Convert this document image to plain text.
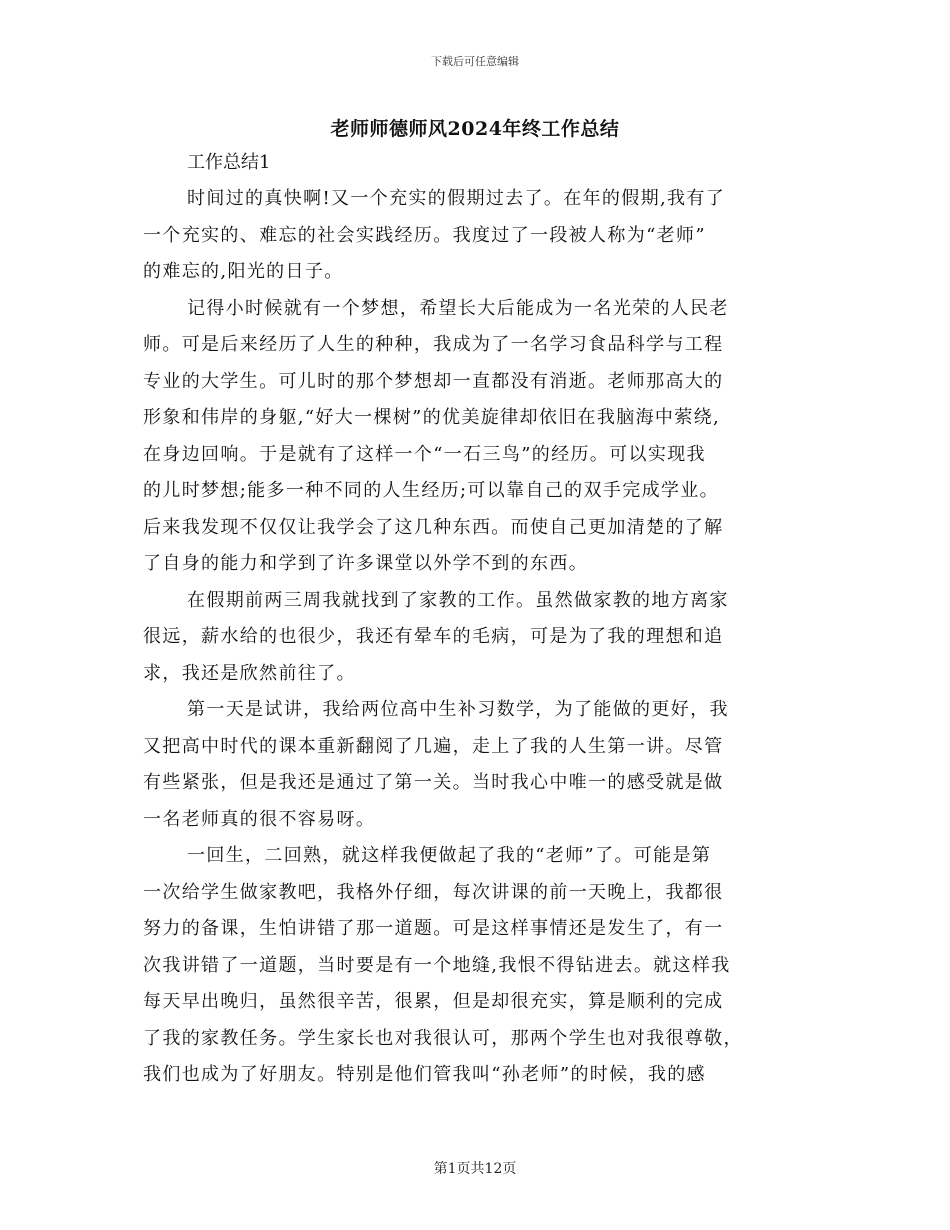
下载后可任意编辑
老师师德师风2024年终工作总结
工作总结1
时间过的真快啊!又一个充实的假期过去了。在年的假期,我有了
一个充实的、难忘的社会实践经历。我度过了一段被人称为“老师”
的难忘的,阳光的日子。
记得小时候就有一个梦想，希望长大后能成为一名光荣的人民老
师。可是后来经历了人生的种种，我成为了一名学习食品科学与工程
专业的大学生。可儿时的那个梦想却一直都没有消逝。老师那高大的
形象和伟岸的身躯,“好大一棵树”的优美旋律却依旧在我脑海中萦绕,
在身边回响。于是就有了这样一个“一石三鸟”的经历。可以实现我
的儿时梦想;能多一种不同的人生经历;可以靠自己的双手完成学业。
后来我发现不仅仅让我学会了这几种东西。而使自己更加清楚的了解
了自身的能力和学到了许多课堂以外学不到的东西。
在假期前两三周我就找到了家教的工作。虽然做家教的地方离家
很远，薪水给的也很少，我还有晕车的毛病，可是为了我的理想和追
求，我还是欣然前往了。
第一天是试讲，我给两位高中生补习数学，为了能做的更好，我
又把高中时代的课本重新翻阅了几遍，走上了我的人生第一讲。尽管
有些紧张，但是我还是通过了第一关。当时我心中唯一的感受就是做
一名老师真的很不容易呀。
一回生，二回熟，就这样我便做起了我的“老师”了。可能是第
一次给学生做家教吧，我格外仔细，每次讲课的前一天晚上，我都很
努力的备课，生怕讲错了那一道题。可是这样事情还是发生了，有一
次我讲错了一道题，当时要是有一个地缝,我恨不得钻进去。就这样我
每天早出晚归，虽然很辛苦，很累，但是却很充实，算是顺利的完成
了我的家教任务。学生家长也对我很认可，那两个学生也对我很尊敬，
我们也成为了好朋友。特别是他们管我叫“孙老师”的时候，我的感
第1页共12页
